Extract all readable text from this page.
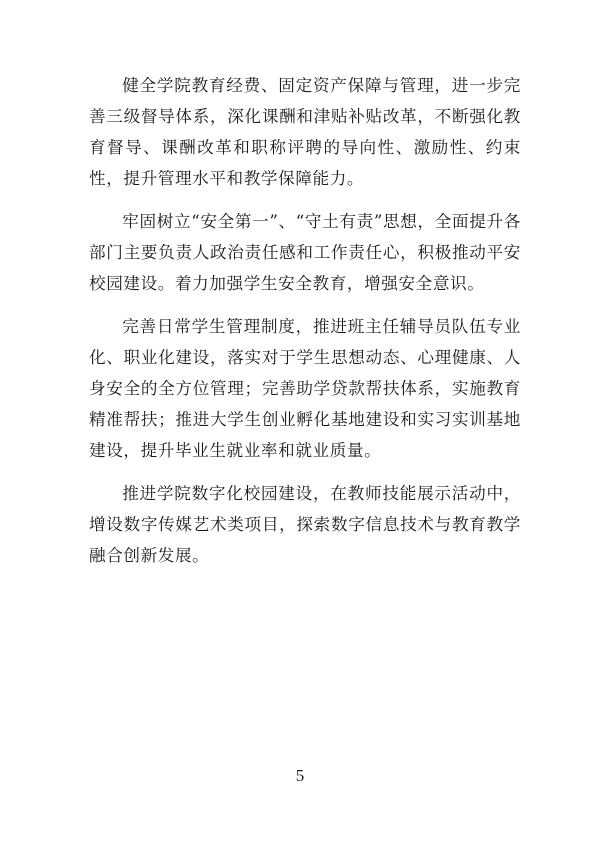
健全学院教育经费、固定资产保障与管理，进一步完善三级督导体系，深化课酬和津贴补贴改革，不断强化教育督导、课酬改革和职称评聘的导向性、激励性、约束性，提升管理水平和教学保障能力。

牢固树立“安全第一”、“守土有责”思想，全面提升各部门主要负责人政治责任感和工作责任心，积极推动平安校园建设。着力加强学生安全教育，增强安全意识。

完善日常学生管理制度，推进班主任辅导员队伍专业化、职业化建设，落实对于学生思想动态、心理健康、人身安全的全方位管理；完善助学贷款帮扶体系，实施教育精准帮扶；推进大学生创业孵化基地建设和实习实训基地建设，提升毕业生就业率和就业质量。

推进学院数字化校园建设，在教师技能展示活动中，增设数字传媒艺术类项目，探索数字信息技术与教育教学融合创新发展。

5
